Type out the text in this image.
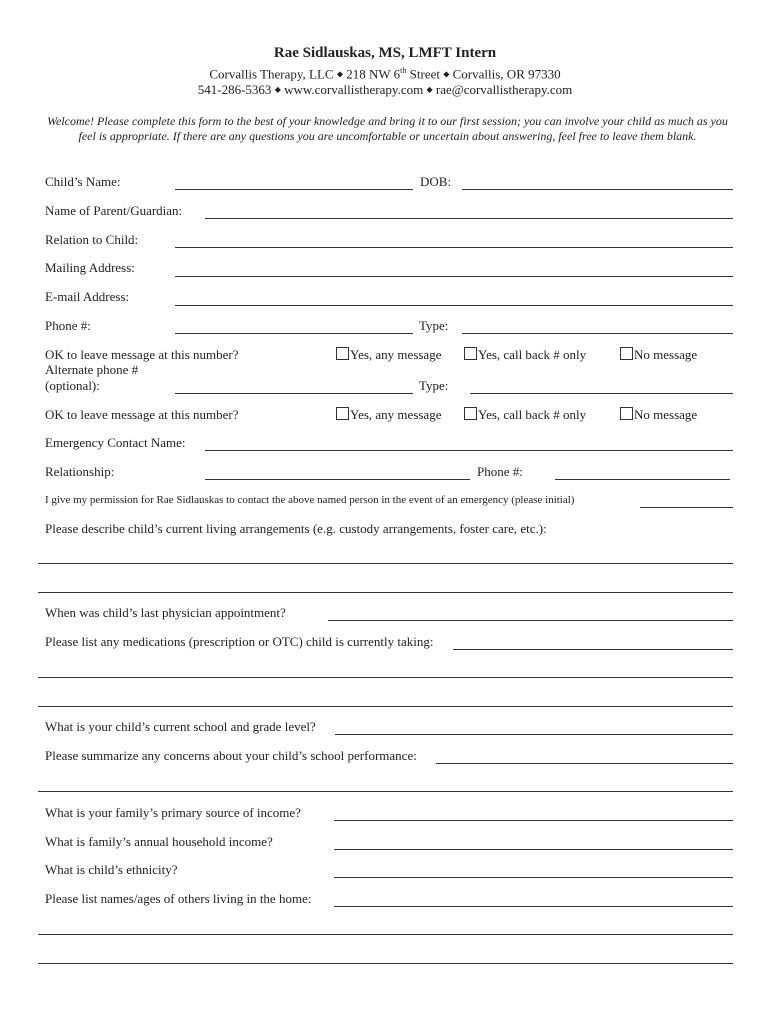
Rae Sidlauskas, MS, LMFT Intern
Corvallis Therapy, LLC ◆ 218 NW 6th Street ◆ Corvallis, OR 97330
541-286-5363 ◆ www.corvallistherapy.com ◆ rae@corvallistherapy.com
Welcome! Please complete this form to the best of your knowledge and bring it to our first session; you can involve your child as much as you feel is appropriate. If there are any questions you are uncomfortable or uncertain about answering, feel free to leave them blank.
Child’s Name:	DOB:
Name of Parent/Guardian:
Relation to Child:
Mailing Address:
E-mail Address:
Phone #:	Type:
OK to leave message at this number?	Yes, any message	Yes, call back # only	No message
Alternate phone #
(optional):	Type:
OK to leave message at this number?	Yes, any message	Yes, call back # only	No message
Emergency Contact Name:
Relationship:	Phone #:
I give my permission for Rae Sidlauskas to contact the above named person in the event of an emergency (please initial)
Please describe child’s current living arrangements (e.g. custody arrangements, foster care, etc.):
When was child’s last physician appointment?
Please list any medications (prescription or OTC) child is currently taking:
What is your child’s current school and grade level?
Please summarize any concerns about your child’s school performance:
What is your family’s primary source of income?
What is family’s annual household income?
What is child’s ethnicity?
Please list names/ages of others living in the home:
